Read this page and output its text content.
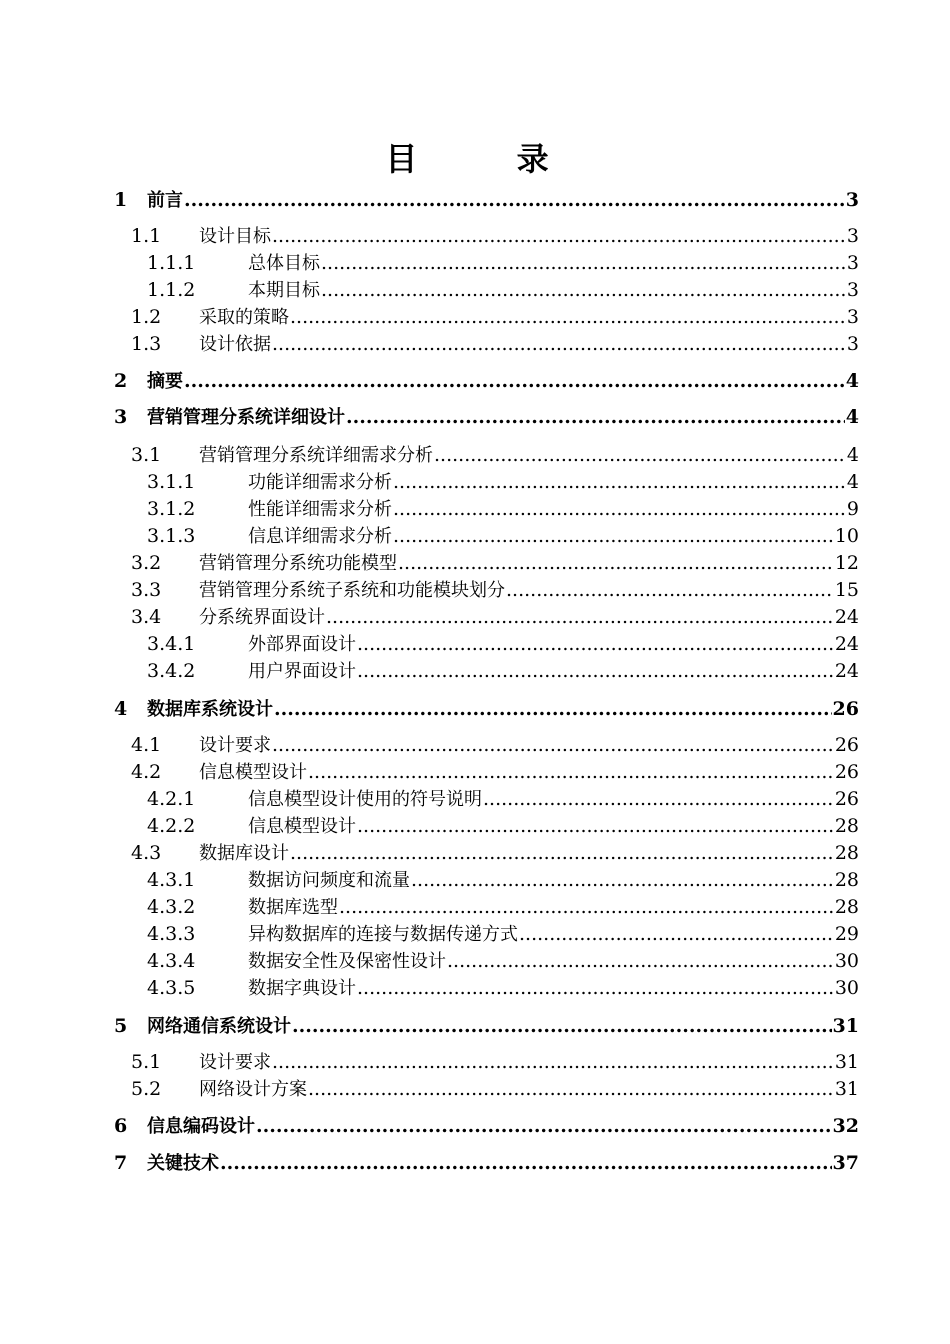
目 录
1 前言 .....	3
1.1 设计目标 .....	3
1.1.1	总体目标 .....	3
1.1.2	本期目标 .....	3
1.2 采取的策略 .....	3
1.3 设计依据 .....	3
2 摘要 .....	4
3 营销管理分系统详细设计 .....	4
3.1 营销管理分系统详细需求分析 .....	4
3.1.1	功能详细需求分析 .....	4
3.1.2	性能详细需求分析 .....	9
3.1.3	信息详细需求分析 .....	10
3.2 营销管理分系统功能模型 .....	12
3.3 营销管理分系统子系统和功能模块划分 .....	15
3.4 分系统界面设计 .....	24
3.4.1	外部界面设计 .....	24
3.4.2	用户界面设计 .....	24
4 数据库系统设计 .....	26
4.1 设计要求 .....	26
4.2 信息模型设计 .....	26
4.2.1	信息模型设计使用的符号说明 .....	26
4.2.2	信息模型设计 .....	28
4.3 数据库设计 .....	28
4.3.1	数据访问频度和流量 .....	28
4.3.2	数据库选型 .....	28
4.3.3	异构数据库的连接与数据传递方式 .....	29
4.3.4	数据安全性及保密性设计 .....	30
4.3.5	数据字典设计 .....	30
5 网络通信系统设计 .....	31
5.1 设计要求 .....	31
5.2 网络设计方案 .....	31
6 信息编码设计 .....	32
7 关键技术 .....	37
